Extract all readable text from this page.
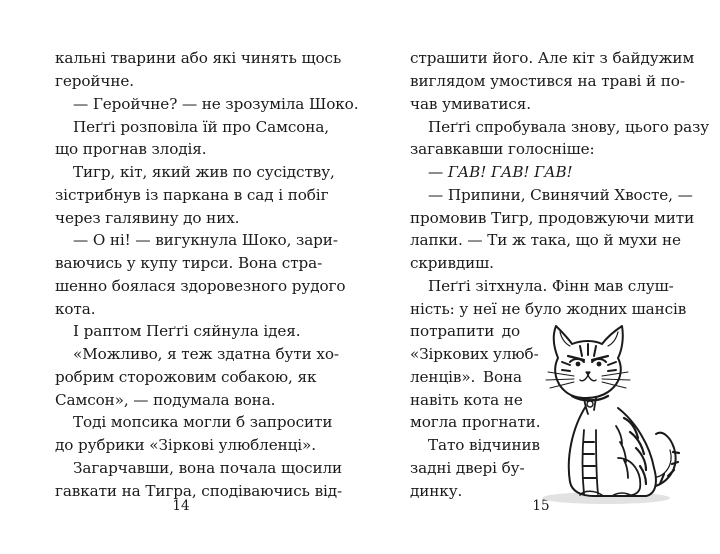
кальні тварини або які чинять щось
геройчне.
— Геройчне? — не зрозуміла Шоко.
Пеґґі розповіла їй про Самсона,
що прогнав злодія.
Тигр, кіт, який жив по сусідству,
зістрибнув із паркана в сад і побіг
через галявину до них.
— О ні! — вигукнула Шоко, зари-
ваючись у купу тирси. Вона стра-
шенно боялася здоровезного рудого
кота.
І раптом Пеґґі сяйнула ідея.
«Можливо, я теж здатна бути хо-
робрим сторожовим собакою, як
Самсон», — подумала вона.
Тоді мопсика могли б запросити
до рубрики «Зіркові улюбленці».
Загарчавши, вона почала щосили
гавкати на Тигра, сподіваючись від-
14
страшити його. Але кіт з байдужим
виглядом умостився на траві й по-
чав умиватися.
Пеґґі спробувала знову, цього разу
загавкавши голосніше:
— ГАВ! ГАВ! ГАВ!
— Припини, Свинячий Хвосте, —
промовив Тигр, продовжуючи мити
лапки. — Ти ж така, що й мухи не
скривдиш.
Пеґґі зітхнула. Фінн мав слуш-
ність: у неї не було жодних шансів
потрапити до
«Зіркових улюб-
ленців». Вона
навіть кота не
могла прогнати.
Тато відчинив
задні двері бу-
динку.
15
